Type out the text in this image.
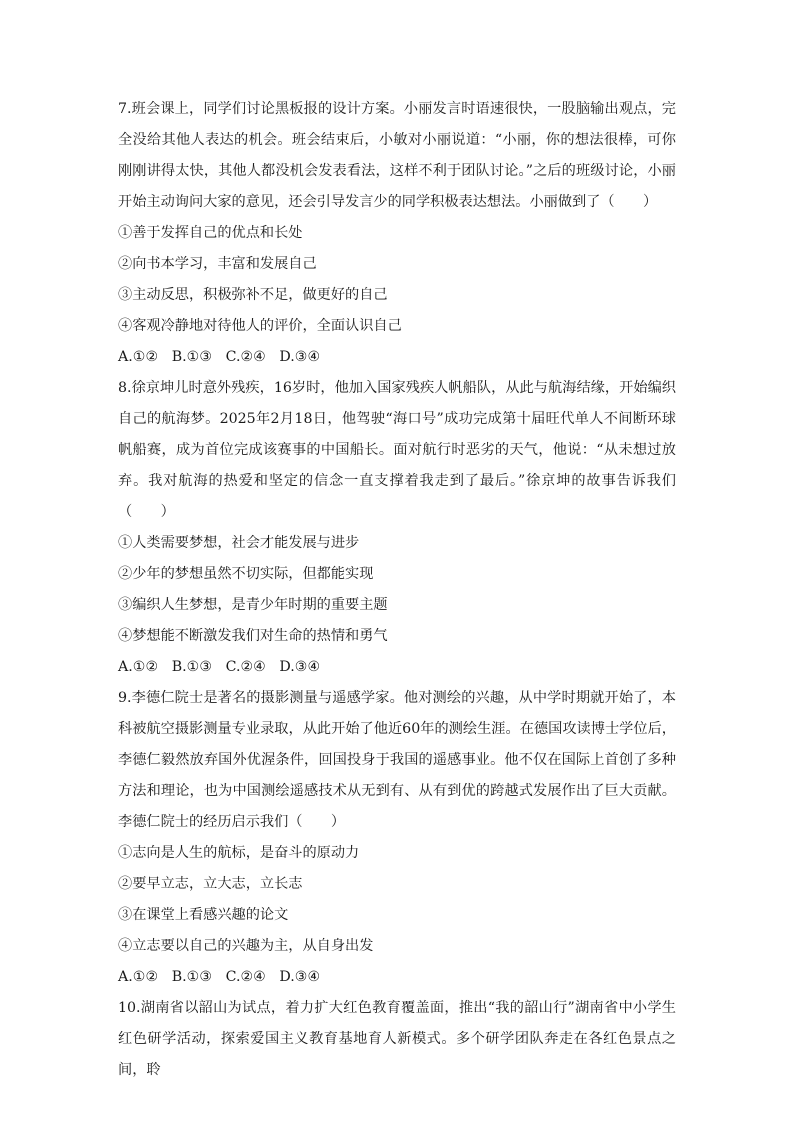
7.班会课上，同学们讨论黑板报的设计方案。小丽发言时语速很快，一股脑输出观点，完全没给其他人表达的机会。班会结束后，小敏对小丽说道：“小丽，你的想法很棒，可你刚刚讲得太快，其他人都没机会发表看法，这样不利于团队讨论。”之后的班级讨论，小丽开始主动询问大家的意见，还会引导发言少的同学积极表达想法。小丽做到了（　　）

①善于发挥自己的优点和长处

②向书本学习，丰富和发展自己

③主动反思，积极弥补不足，做更好的自己

④客观冷静地对待他人的评价，全面认识自己

A.①② B.①③ C.②④ D.③④

8.徐京坤儿时意外残疾，16岁时，他加入国家残疾人帆船队，从此与航海结缘，开始编织自己的航海梦。2025年2月18日，他驾驶“海口号”成功完成第十届旺代单人不间断环球帆船赛，成为首位完成该赛事的中国船长。面对航行时恶劣的天气，他说：“从未想过放弃。我对航海的热爱和坚定的信念一直支撑着我走到了最后。”徐京坤的故事告诉我们（　　）

①人类需要梦想，社会才能发展与进步

②少年的梦想虽然不切实际，但都能实现

③编织人生梦想，是青少年时期的重要主题

④梦想能不断激发我们对生命的热情和勇气

A.①② B.①③ C.②④ D.③④

9.李德仁院士是著名的摄影测量与遥感学家。他对测绘的兴趣，从中学时期就开始了，本科被航空摄影测量专业录取，从此开始了他近60年的测绘生涯。在德国攻读博士学位后，李德仁毅然放弃国外优渥条件，回国投身于我国的遥感事业。他不仅在国际上首创了多种方法和理论，也为中国测绘遥感技术从无到有、从有到优的跨越式发展作出了巨大贡献。李德仁院士的经历启示我们（　　）

①志向是人生的航标，是奋斗的原动力

②要早立志，立大志，立长志

③在课堂上看感兴趣的论文

④立志要以自己的兴趣为主，从自身出发

A.①② B.①③ C.②④ D.③④

10.湖南省以韶山为试点，着力扩大红色教育覆盖面，推出“我的韶山行”湖南省中小学生红色研学活动，探索爱国主义教育基地育人新模式。多个研学团队奔走在各红色景点之间，聆
